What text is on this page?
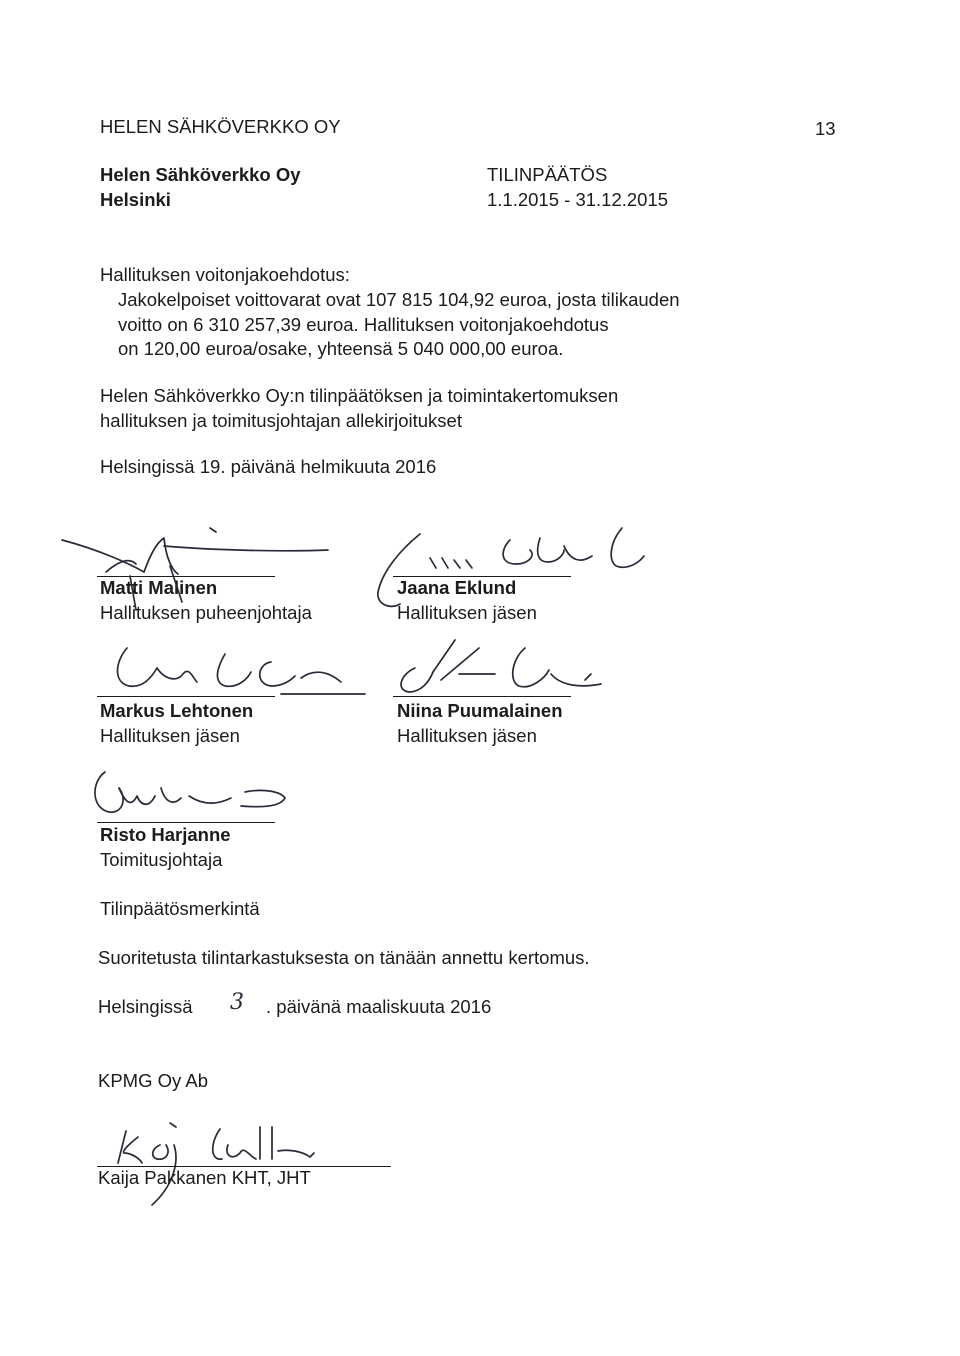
HELEN SÄHKÖVERKKO OY	13
Helen Sähköverkko Oy
Helsinki
TILINPÄÄTÖS
1.1.2015 - 31.12.2015
Hallituksen voitonjakoehdotus:
Jakokelpoiset voittovarat ovat 107 815 104,92 euroa, josta tilikauden
voitto on 6 310 257,39 euroa. Hallituksen voitonjakoehdotus
on 120,00 euroa/osake, yhteensä 5 040 000,00 euroa.
Helen Sähköverkko Oy:n tilinpäätöksen ja toimintakertomuksen
hallituksen ja toimitusjohtajan allekirjoitukset
Helsingissä 19. päivänä helmikuuta 2016
Matti Malinen
Hallituksen puheenjohtaja
Jaana Eklund
Hallituksen jäsen
Markus Lehtonen
Hallituksen jäsen
Niina Puumalainen
Hallituksen jäsen
Risto Harjanne
Toimitusjohtaja
Tilinpäätösmerkintä
Suoritetusta tilintarkastuksesta on tänään annettu kertomus.
Helsingissä 3 . päivänä maaliskuuta 2016
KPMG Oy Ab
Kaija Pakkanen KHT, JHT
